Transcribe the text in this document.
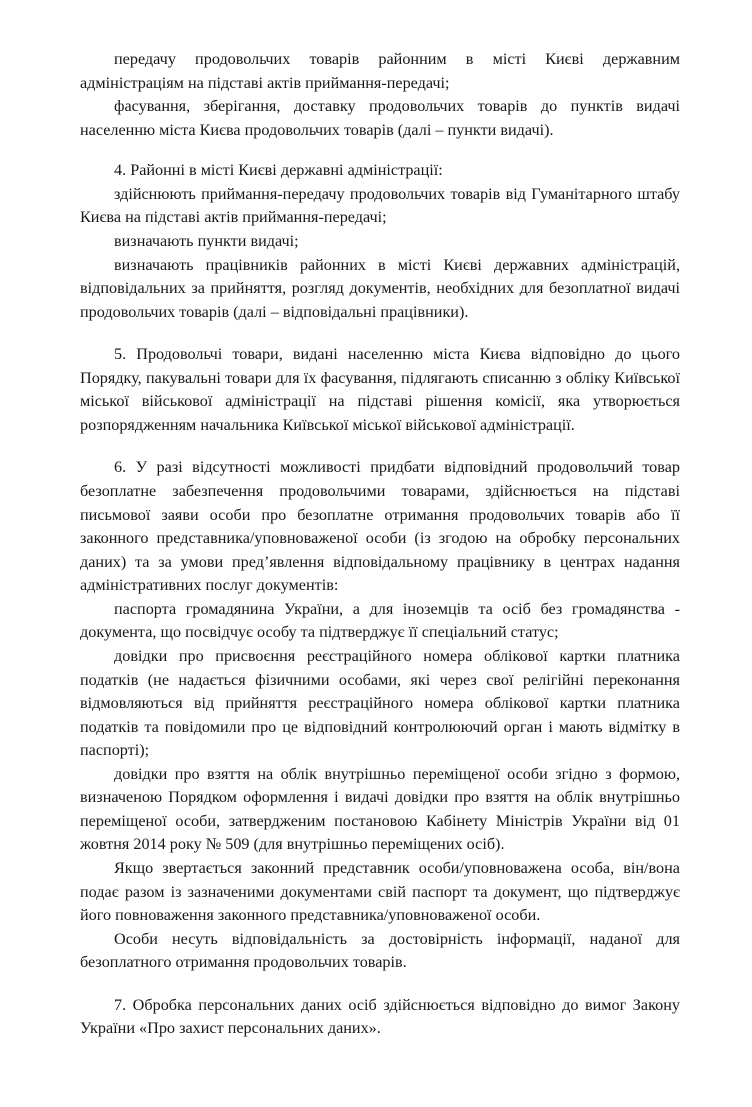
передачу продовольчих товарів районним в місті Києві державним адміністраціям на підставі актів приймання-передачі;

фасування, зберігання, доставку продовольчих товарів до пунктів видачі населенню міста Києва продовольчих товарів (далі – пункти видачі).

4. Районні в місті Києві державні адміністрації:

здійснюють приймання-передачу продовольчих товарів від Гуманітарного штабу Києва на підставі актів приймання-передачі;

визначають пункти видачі;

визначають працівників районних в місті Києві державних адміністрацій, відповідальних за прийняття, розгляд документів, необхідних для безоплатної видачі продовольчих товарів (далі – відповідальні працівники).

5. Продовольчі товари, видані населенню міста Києва відповідно до цього Порядку, пакувальні товари для їх фасування, підлягають списанню з обліку Київської міської військової адміністрації на підставі рішення комісії, яка утворюється розпорядженням начальника Київської міської військової адміністрації.

6. У разі відсутності можливості придбати відповідний продовольчий товар безоплатне забезпечення продовольчими товарами, здійснюється на підставі письмової заяви особи про безоплатне отримання продовольчих товарів або її законного представника/уповноваженої особи (із згодою на обробку персональних даних) та за умови пред’явлення відповідальному працівнику в центрах надання адміністративних послуг документів:

паспорта громадянина України, а для іноземців та осіб без громадянства - документа, що посвідчує особу та підтверджує її спеціальний статус;

довідки про присвоєння реєстраційного номера облікової картки платника податків (не надається фізичними особами, які через свої релігійні переконання відмовляються від прийняття реєстраційного номера облікової картки платника податків та повідомили про це відповідний контролюючий орган і мають відмітку в паспорті);

довідки про взяття на облік внутрішньо переміщеної особи згідно з формою, визначеною Порядком оформлення і видачі довідки про взяття на облік внутрішньо переміщеної особи, затвердженим постановою Кабінету Міністрів України від 01 жовтня 2014 року № 509 (для внутрішньо переміщених осіб).

Якщо звертається законний представник особи/уповноважена особа, він/вона подає разом із зазначеними документами свій паспорт та документ, що підтверджує його повноваження законного представника/уповноваженої особи.

Особи несуть відповідальність за достовірність інформації, наданої для безоплатного отримання продовольчих товарів.

7. Обробка персональних даних осіб здійснюється відповідно до вимог Закону України «Про захист персональних даних».
